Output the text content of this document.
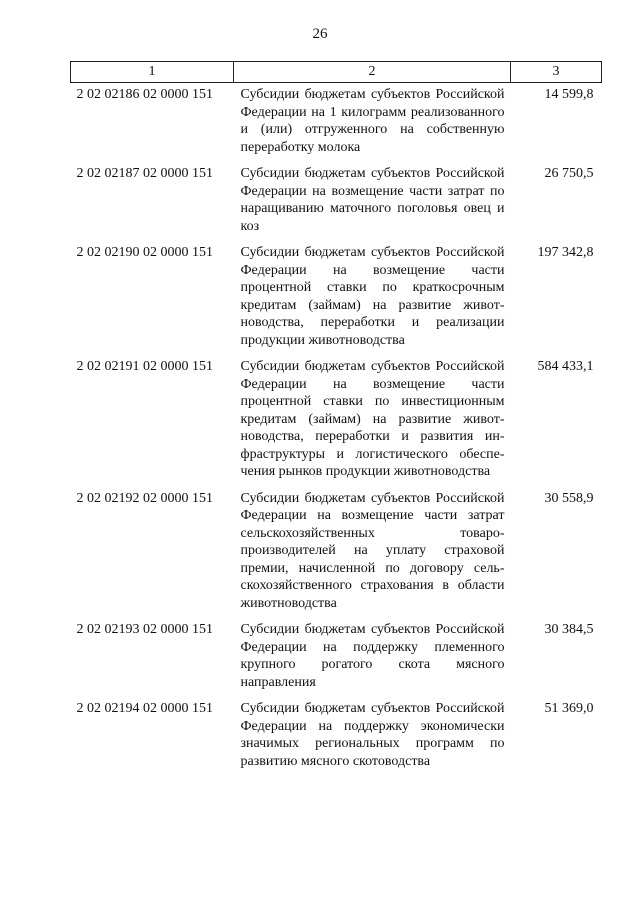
26
1	2	3
2 02 02186 02 0000 151	Субсидии бюджетам субъектов Российской Федерации на 1 килограмм реализованного и (или) отгруженного на собственную переработку молока	14 599,8
2 02 02187 02 0000 151	Субсидии бюджетам субъектов Российской Федерации на возмещение части затрат по наращиванию маточного поголовья овец и коз	26 750,5
2 02 02190 02 0000 151	Субсидии бюджетам субъектов Российской Федерации на возмещение части процентной ставки по краткосрочным кредитам (займам) на развитие животноводства, переработки и реализации продукции животноводства	197 342,8
2 02 02191 02 0000 151	Субсидии бюджетам субъектов Российской Федерации на возмещение части процентной ставки по инвестиционным кредитам (займам) на развитие животноводства, переработки и развития инфраструктуры и логистического обеспечения рынков продукции животноводства	584 433,1
2 02 02192 02 0000 151	Субсидии бюджетам субъектов Российской Федерации на возмещение части затрат сельскохозяйственных товаропроизводителей на уплату страховой премии, начисленной по договору сельскохозяйственного страхования в области животноводства	30 558,9
2 02 02193 02 0000 151	Субсидии бюджетам субъектов Российской Федерации на поддержку племенного крупного рогатого скота мясного направления	30 384,5
2 02 02194 02 0000 151	Субсидии бюджетам субъектов Российской Федерации на поддержку экономически значимых региональных программ по развитию мясного скотоводства	51 369,0
